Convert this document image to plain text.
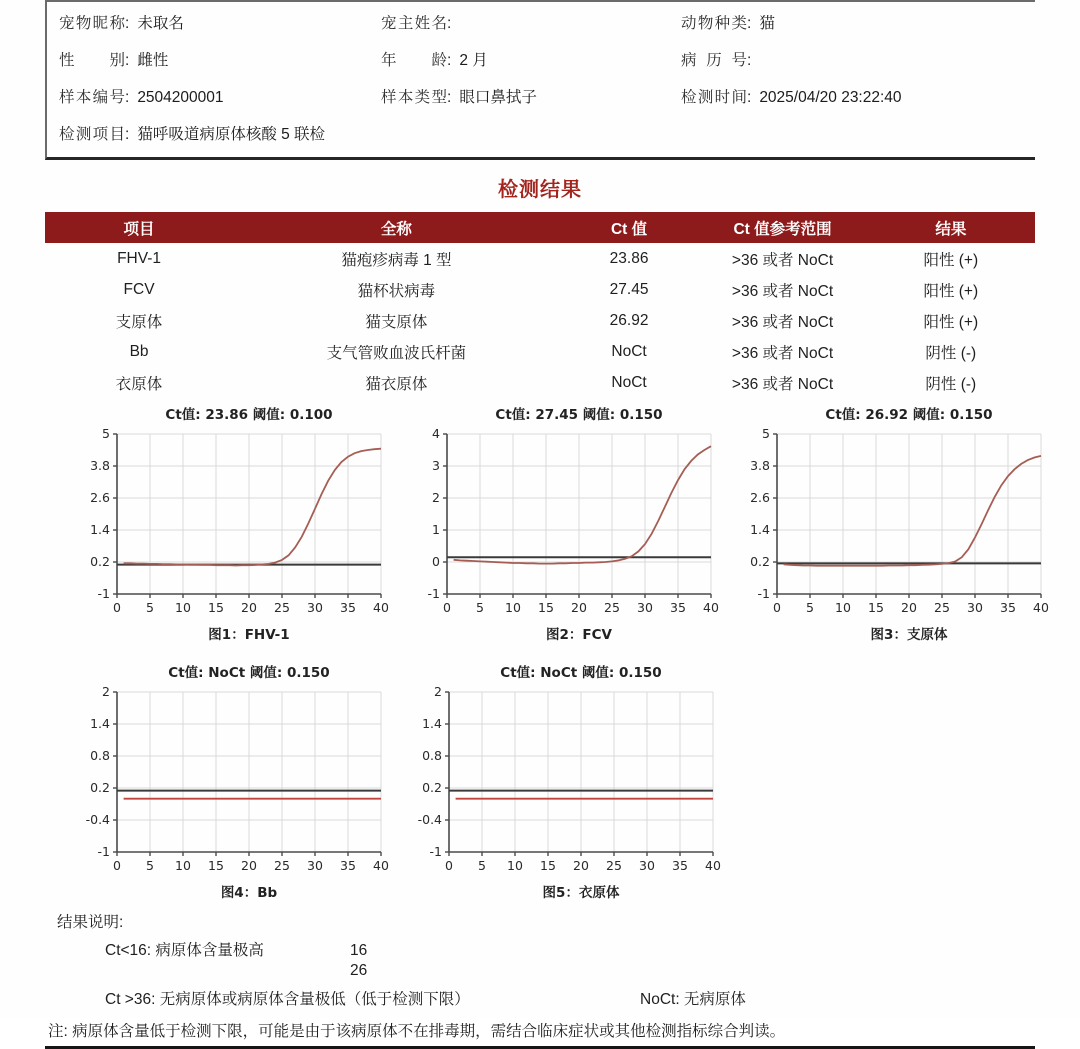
宠物昵称: 未取名	宠主姓名:	动物种类: 猫
性别: 雌性	年龄: 2 月	病历号:
样本编号: 2504200001	样本类型: 眼口鼻拭子	检测时间: 2025/04/20 23:22:40
检测项目: 猫呼吸道病原体核酸 5 联检
检测结果
项目	全称	Ct 值	Ct 值参考范围	结果
FHV-1	猫疱疹病毒 1 型	23.86	>36 或者 NoCt	阳性 (+)
FCV	猫杯状病毒	27.45	>36 或者 NoCt	阳性 (+)
支原体	猫支原体	26.92	>36 或者 NoCt	阳性 (+)
Bb	支气管败血波氏杆菌	NoCt	>36 或者 NoCt	阴性 (-)
衣原体	猫衣原体	NoCt	>36 或者 NoCt	阴性 (-)
0 5 10 15 20 25 30 35 40
-1
0.2
1.4
2.6
3.8
5
Ct值: 23.86 阈值: 0.100
图1：FHV-1
0 5 10 15 20 25 30 35 40
-1
0
1
2
3
4
Ct值: 27.45 阈值: 0.150
图2：FCV
0 5 10 15 20 25 30 35 40
-1
0.2
1.4
2.6
3.8
5
Ct值: 26.92 阈值: 0.150
图3：支原体
0 5 10 15 20 25 30 35 40
-1
-0.4
0.2
0.8
1.4
2
Ct值: NoCt 阈值: 0.150
图4：Bb
0 5 10 15 20 25 30 35 40
-1
-0.4
0.2
0.8
1.4
2
Ct值: NoCt 阈值: 0.150
图5：衣原体
结果说明:
Ct<16: 病原体含量极高	16
26
Ct >36: 无病原体或病原体含量极低（低于检测下限）	NoCt: 无病原体
注: 病原体含量低于检测下限，可能是由于该病原体不在排毒期，需结合临床症状或其他检测指标综合判读。
